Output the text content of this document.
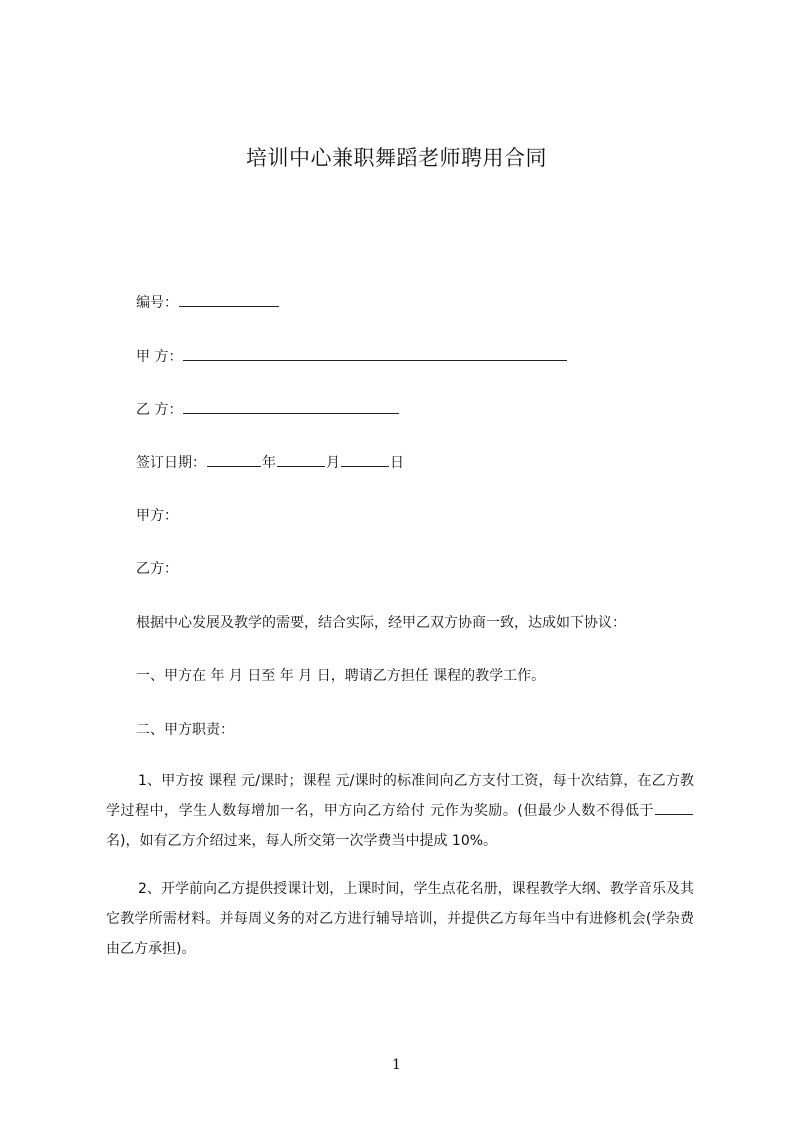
培训中心兼职舞蹈老师聘用合同
编号：
甲 方：
乙 方：
签订日期：	年	月	日
甲方：
乙方：
根据中心发展及教学的需要，结合实际，经甲乙双方协商一致，达成如下协议：
一、甲方在 年 月 日至 年 月 日，聘请乙方担任 课程的教学工作。
二、甲方职责：
1、甲方按 课程 元/课时；课程 元/课时的标准间向乙方支付工资，每十次结算，在乙方教学过程中，学生人数每增加一名，甲方向乙方给付 元作为奖励。(但最少人数不得低于名)，如有乙方介绍过来，每人所交第一次学费当中提成 10%。
2、开学前向乙方提供授课计划，上课时间，学生点花名册，课程教学大纲、教学音乐及其它教学所需材料。并每周义务的对乙方进行辅导培训，并提供乙方每年当中有进修机会(学杂费由乙方承担)。
1
